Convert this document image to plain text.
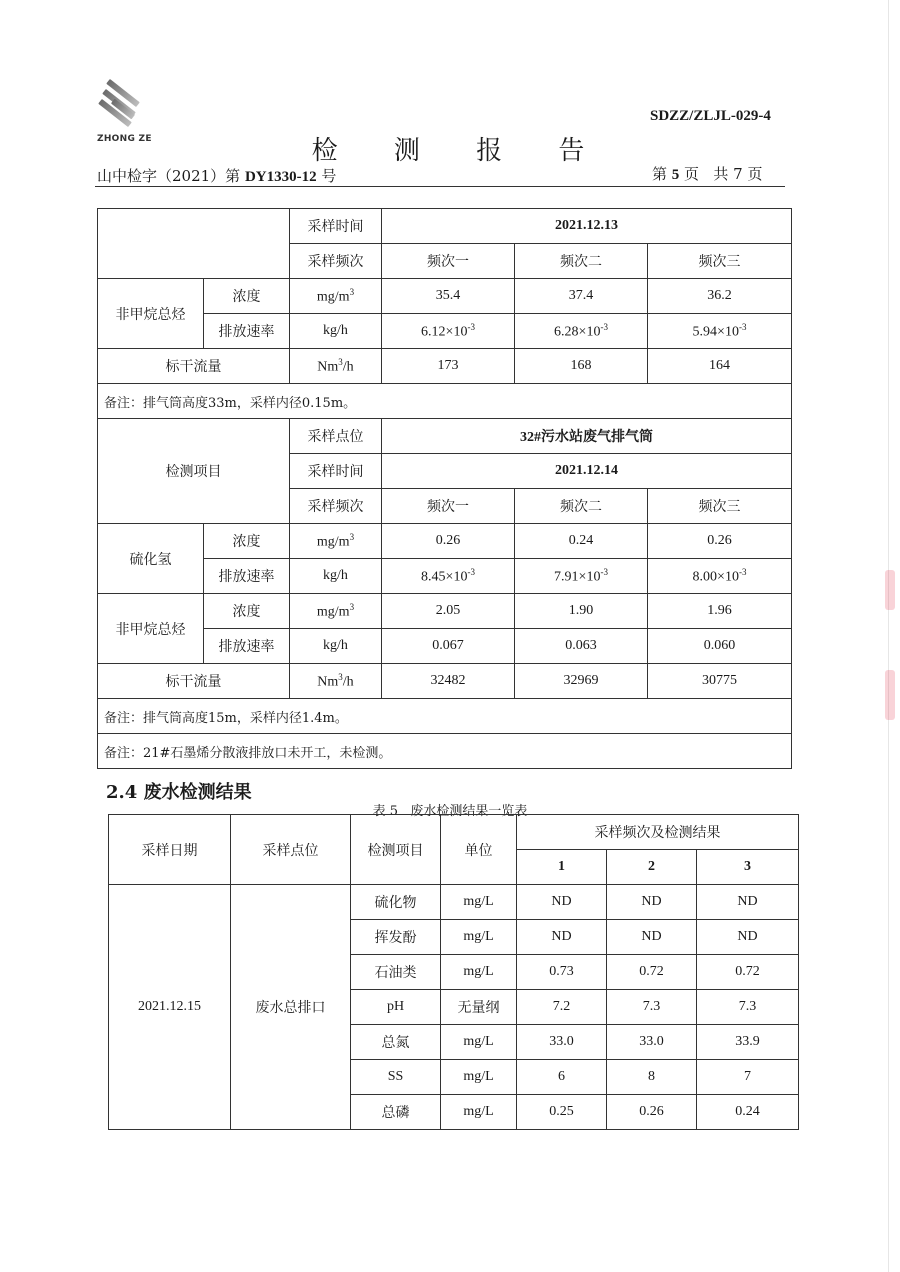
ZHONG ZE
SDZZ/ZLJL-029-4
检 测 报 告
山中检字（2021）第 DY1330-12 号	第 5 页   共 7 页
		采样时间	2021.12.13		
		采样频次	频次一	频次二	频次三
非甲烷总烃	浓度	$mg/m^3$	35.4	37.4	36.2
	排放速率	kg/h	$6.12\times 10^{-3}$	$6.28\times 10^{-3}$	$5.94\times 10^{-3}$
标干流量		Nm$^3$/h	173	168	164
备注：排气筒高度33m，采样内径0.15m。					
检测项目		采样点位	32#污水站废气排气筒		
		采样时间	2021.12.14		
		采样频次	频次一	频次二	频次三
硫化氢	浓度	$mg/m^3$	0.26	0.24	0.26
	排放速率	kg/h	$8.45\times 10^{-3}$	$7.91\times 10^{-3}$	$8.00\times 10^{-3}$
非甲烷总烃	浓度	$mg/m^3$	2.05	1.90	1.96
	排放速率	kg/h	0.067	0.063	0.060
标干流量		Nm$^3$/h	32482	32969	30775
备注：排气筒高度15m，采样内径1.4m。					
备注：21#石墨烯分散液排放口未开工，未检测。					
2.4 废水检测结果
表 5   废水检测结果一览表
采样日期	采样点位	检测项目	单位	采样频次及检测结果		
				1	2	3
2021.12.15	废水总排口	硫化物	mg/L	ND	ND	ND
		挥发酚	mg/L	ND	ND	ND
		石油类	mg/L	0.73	0.72	0.72
		pH	无量纲	7.2	7.3	7.3
		总氮	mg/L	33.0	33.0	33.9
		SS	mg/L	6	8	7
		总磷	mg/L	0.25	0.26	0.24
